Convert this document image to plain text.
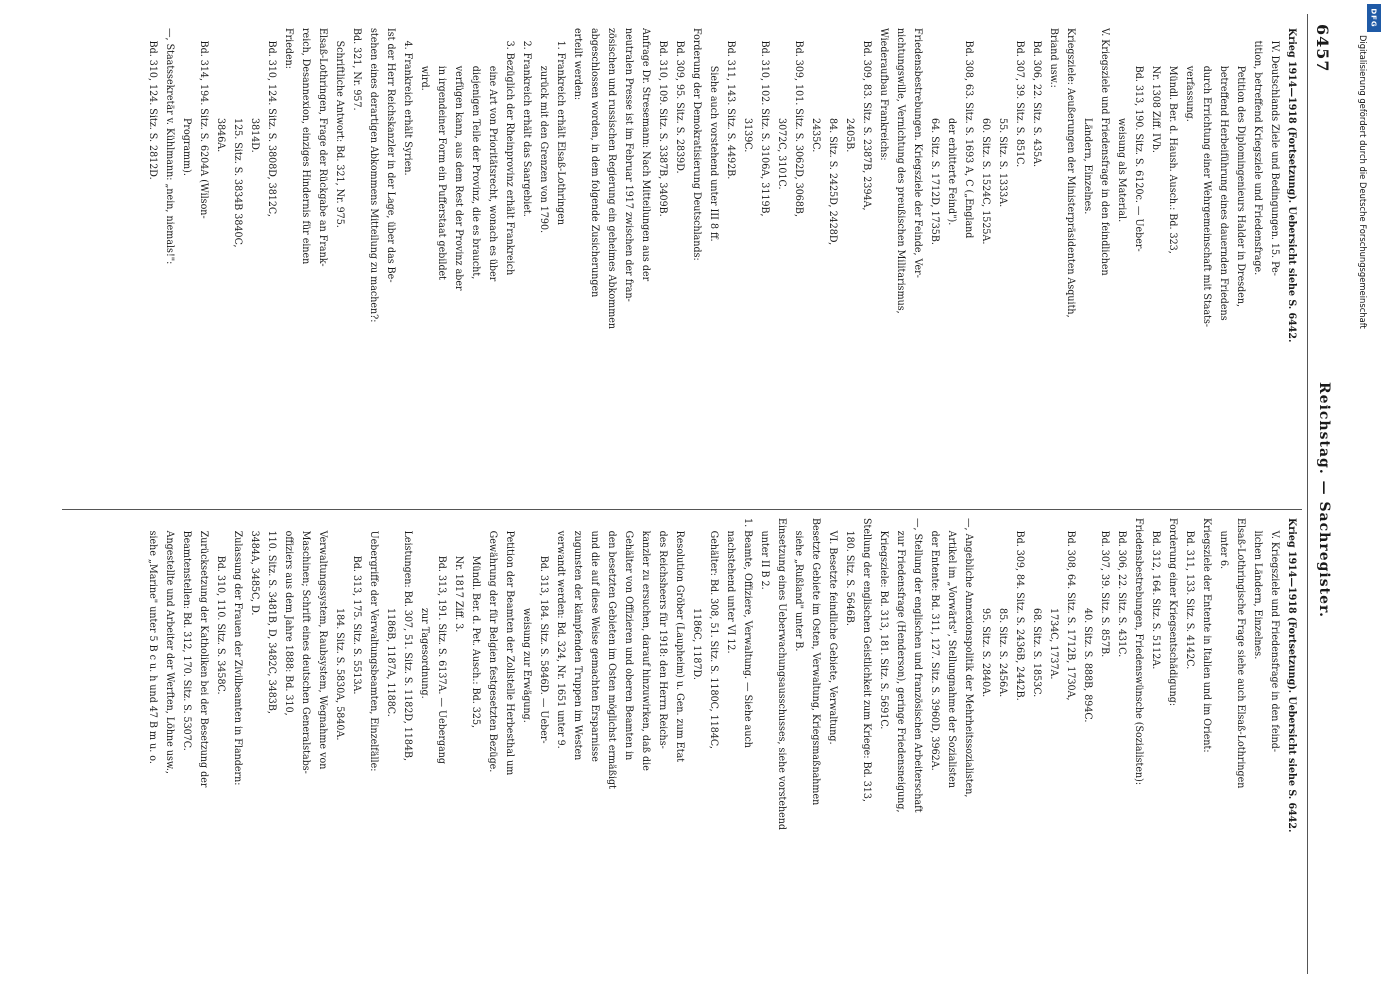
6457
Reichstag. — Sachregister.
Krieg 1914—1918 (Fortsetzung). Uebersicht siehe S. 6442.
IV. Deutschlands Ziele und Bedingungen. 15. Pe-
tition, betreffend Kriegsziele und Friedensfrage.
Petition des Diplomingenieurs Halder in Dresden,
betreffend Herbeiführung eines dauernden Friedens
durch Errichtung einer Wehrgemeinschaft mit Staats-
verfassung.
Mündl. Ber. d. Haush. Ausch.: Bd. 323,
Nr. 1308 Ziff. IVb.
Bd. 313, 190. Sitz. S. 6120c. — Ueber-
weisung als Material.
V. Kriegsziele und Friedensfrage in den feindlichen
Ländern, Einzelnes.
Kriegsziele: Aeußerungen der Ministerpräsidenten Asquith,
Briand usw.:
Bd. 306, 22. Sitz. S. 435A.
Bd. 307, 39. Sitz. S. 851C.
55. Sitz. S. 1333A.
60. Sitz. S. 1524C, 1525A.
Bd. 308, 63. Sitz. S. 1693 A, C („England
der erbitterte Feind").
64. Sitz. S. 1712D, 1735B.
Friedensbestrebungen. Kriegsziele der Feinde, Ver-
nichtungswille, Vernichtung des preußischen Militarismus,
Wiederaufbau Frankreichs:
Bd. 309, 83. Sitz. S. 2387B, 2394A,
2405B.
84. Sitz. S. 2425D, 2428D,
2435C.
Bd. 309, 101. Sitz. S. 3062D, 3068B,
3072C, 3101C.
Bd. 310, 102. Sitz. S. 3106A, 3119B,
3139C.
Bd. 311, 143. Sitz. S. 4492B.
Siehe auch vorstehend unter III 8 ff.
Forderung der Demokratisierung Deutschlands:
Bd. 309, 95. Sitz. S. 2839D.
Bd. 310, 109. Sitz. S. 3387B, 3409B.
Anfrage Dr. Stresemann: Nach Mitteilungen aus der
neutralen Presse ist im Februar 1917 zwischen der fran-
zösischen und russischen Regierung ein geheimes Abkommen
abgeschlossen worden, in dem folgende Zusicherungen
erteilt werden:
1. Frankreich erhält Elsaß-Lothringen
zurück mit den Grenzen von 1790.
2. Frankreich erhält das Saargebiet.
3. Bezüglich der Rheinprovinz erhält Frankreich
eine Art von Prioritätsrecht, wonach es über
diejenigen Teile der Provinz, die es braucht,
verfügen kann, aus dem Rest der Provinz aber
in irgendeiner Form ein Pufferstaat gebildet
wird.
4. Frankreich erhält Syrien.
Ist der Herr Reichskanzler in der Lage, über das Be-
stehen eines derartigen Abkommens Mitteilung zu machen?:
Bd. 321, Nr. 957.
Schriftliche Antwort: Bd. 321, Nr. 975.
Elsaß-Lothringen, Frage der Rückgabe an Frank-
reich, Desannexion, einziges Hindernis für einen
Frieden:
Bd. 310, 124. Sitz. S. 3808D, 3812C,
3814D.
125. Sitz. S. 3834B 3840C,
3846A.
Bd. 314, 194. Sitz. S. 6204A (Wilson-
Programm).
—, Staatssekretär v. Kühlmann: „nein, niemals!":
Bd. 310, 124. Sitz. S. 2812D.
Krieg 1914—1918 (Fortsetzung). Uebersicht siehe S. 6442.
V. Kriegsziele und Friedensfrage in den feind-
lichen Ländern, Einzelnes.
Elsaß-Lothringische Frage siehe auch Elsaß-Lothringen
unter 6.
Kriegsziele der Entente in Italien und im Orient:
Bd. 311, 133. Sitz. S. 4142C.
Forderung einer Kriegsentschädigung:
Bd. 312, 164. Sitz. S. 5112A.
Friedensbestrebungen, Friedenswünsche (Sozialisten):
Bd. 306, 22. Sitz. S. 431C.
Bd. 307, 39. Sitz. S. 857B.
40. Sitz. S. 888B, 894C.
Bd. 308, 64. Sitz. S. 1712B, 1730A,
1734C, 1737A.
68. Sitz. S. 1853C.
Bd. 309, 84. Sitz. S. 2436B, 2442B.
85. Sitz. S. 2456A.
95. Sitz. S. 2840A.
—, Angebliche Annexionspolitik der Mehrheitssozialisten,
Artikel im „Vorwärts", Stellungnahme der Sozialisten
der Entente: Bd. 311, 127. Sitz. S. 3960D, 3962A.
—, Stellung der englischen und französischen Arbeiterschaft
zur Friedensfrage (Henderson), geringe Friedensneigung,
Kriegsziele: Bd. 313, 181. Sitz. S. 5691C.
Stellung der englischen Geistlichkeit zum Kriege: Bd. 313,
180. Sitz. S. 5646B.
VI. Besetzte feindliche Gebiete, Verwaltung.
Besetzte Gebiete im Osten, Verwaltung, Kriegsmaßnahmen
siehe „Rußland" unter B.
Einsetzung eines Ueberwachungsausschusses, siehe vorstehend
unter II B 2.
1. Beamte, Offiziere, Verwaltung. — Siehe auch
nachstehend unter VI 12.
Gehälter: Bd. 308, 51. Sitz. S. 1180C, 1184C,
1186C, 1187D.
Resolution Gröber (Laupheim) u. Gen. zum Etat
des Reichsheers für 1918: den Herrn Reichs-
kanzler zu ersuchen, darauf hinzuwirken, daß die
Gehälter von Offizieren und oberen Beamten in
den besetzten Gebieten im Osten möglichst ermäßigt
und die auf diese Weise gemachten Ersparnisse
zugunsten der kämpfenden Truppen im Westen
verwandt werden: Bd. 324, Nr. 1651 unter 9.
Bd. 313, 184. Sitz. S. 5846D. — Ueber-
weisung zur Erwägung.
Petition der Beamten der Zollstelle Herbesthal um
Gewährung der für Belgien festgesetzten Bezüge.
Mündl. Ber. d. Pet. Ausch.: Bd. 325,
Nr. 1817 Ziff. 3.
Bd. 313, 191. Sitz. S. 6137A. — Uebergang
zur Tagesordnung.
Leistungen: Bd. 307, 51. Sitz. S. 1182D, 1184B,
1186B, 1187A, 1188C.
Uebergriffe der Verwaltungsbeamten, Einzelfälle:
Bd. 313, 175. Sitz. S. 5513A.
184. Sitz. S. 5830A, 5840A.
Verwaltungssystem, Raubsystem, Wegnahme von
Maschinen; Schrift eines deutschen Generalstabs-
offiziers aus dem Jahre 1888: Bd. 310,
110. Sitz. S. 3481B, D, 3482C, 3483B,
3484A, 3485C, D.
Zulassung der Frauen der Zivilbeamten in Flandern:
Bd. 310, 110. Sitz. S. 3458C.
Zurücksetzung der Katholiken bei der Besetzung der
Beamtenstellen: Bd. 312, 170. Sitz. S. 5307C.
Angestellte und Arbeiter der Werften, Löhne usw.,
siehe „Marine" unter 5 B c u. h und 47 B m u. o.
DFG
Digitalisierung gefördert durch die Deutsche Forschungsgemeinschaft
